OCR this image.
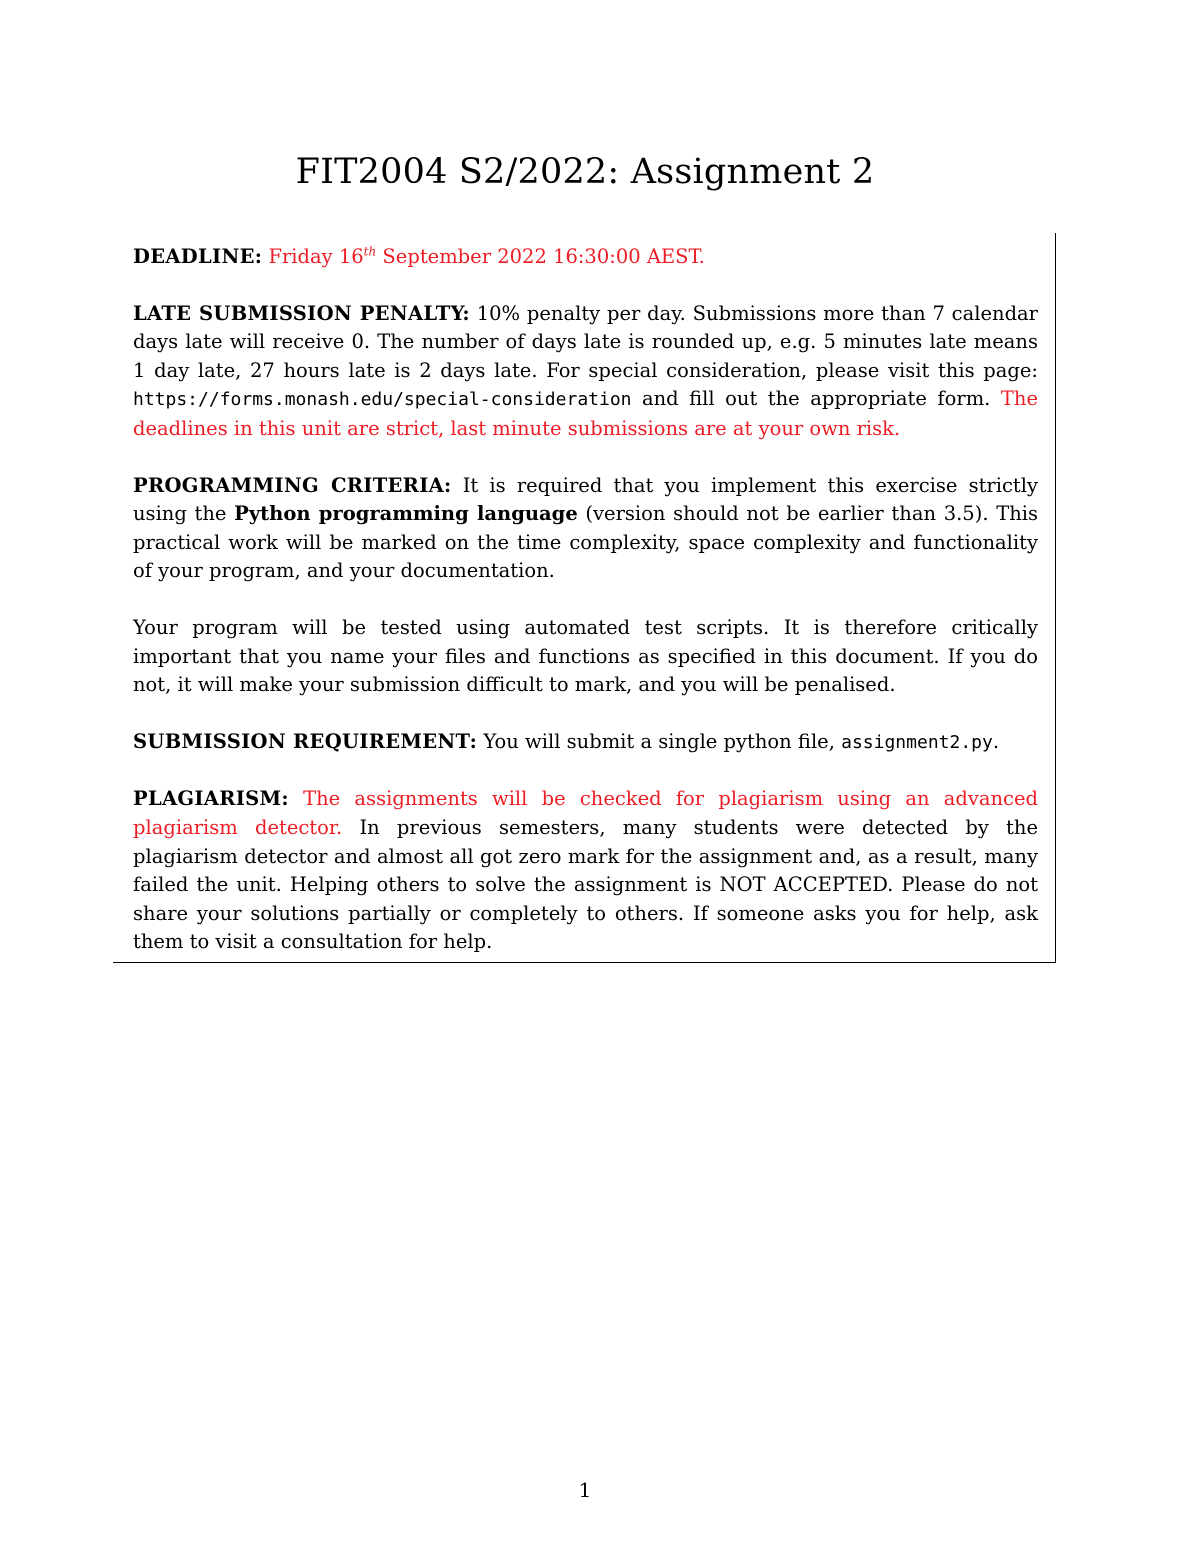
FIT2004 S2/2022: Assignment 2

DEADLINE: Friday 16th September 2022 16:30:00 AEST.

LATE SUBMISSION PENALTY: 10% penalty per day. Submissions more than 7 calendar days late will receive 0. The number of days late is rounded up, e.g. 5 minutes late means 1 day late, 27 hours late is 2 days late. For special consideration, please visit this page: https://forms.monash.edu/special-consideration and fill out the appropriate form. The deadlines in this unit are strict, last minute submissions are at your own risk.

PROGRAMMING CRITERIA: It is required that you implement this exercise strictly using the Python programming language (version should not be earlier than 3.5). This practical work will be marked on the time complexity, space complexity and functionality of your program, and your documentation.

Your program will be tested using automated test scripts. It is therefore critically important that you name your files and functions as specified in this document. If you do not, it will make your submission difficult to mark, and you will be penalised.

SUBMISSION REQUIREMENT: You will submit a single python file, assignment2.py.

PLAGIARISM: The assignments will be checked for plagiarism using an advanced plagiarism detector. In previous semesters, many students were detected by the plagiarism detector and almost all got zero mark for the assignment and, as a result, many failed the unit. Helping others to solve the assignment is NOT ACCEPTED. Please do not share your solutions partially or completely to others. If someone asks you for help, ask them to visit a consultation for help.

1
